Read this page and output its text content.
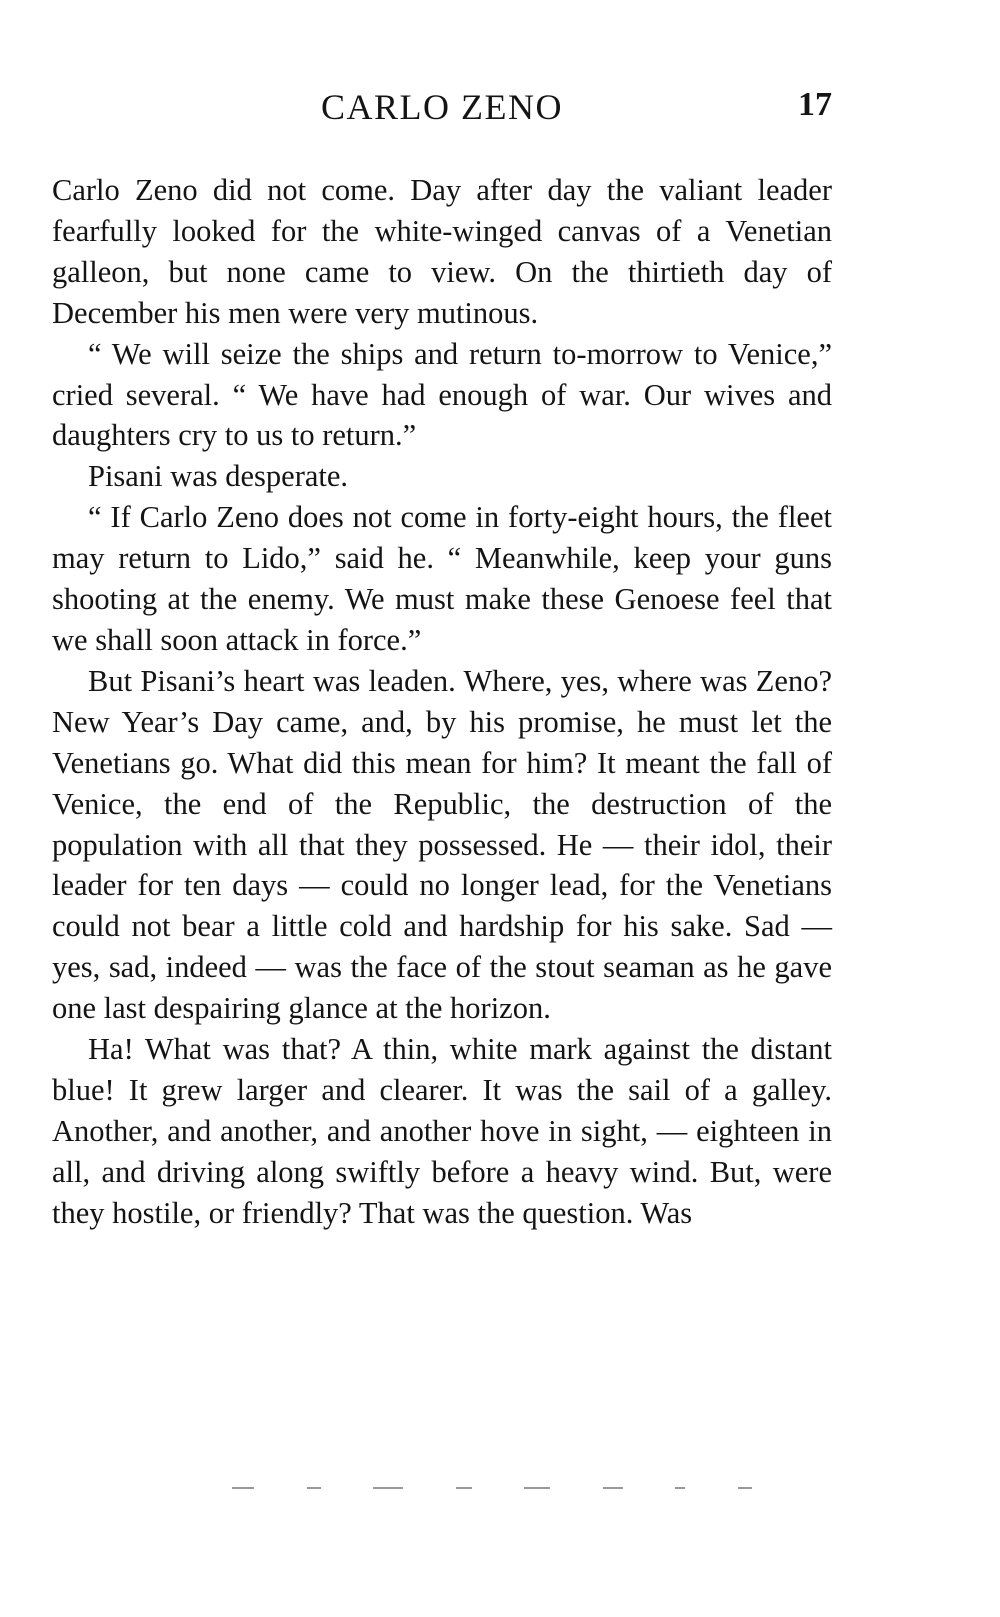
CARLO ZENO	17

Carlo Zeno did not come. Day after day the valiant leader fearfully looked for the white-winged canvas of a Venetian galleon, but none came to view. On the thirtieth day of December his men were very mutinous.

“ We will seize the ships and return to-morrow to Venice,” cried several. “ We have had enough of war. Our wives and daughters cry to us to return.”

Pisani was desperate.

“ If Carlo Zeno does not come in forty-eight hours, the fleet may return to Lido,” said he. “ Meanwhile, keep your guns shooting at the enemy. We must make these Genoese feel that we shall soon attack in force.”

But Pisani’s heart was leaden. Where, yes, where was Zeno? New Year’s Day came, and, by his promise, he must let the Venetians go. What did this mean for him? It meant the fall of Venice, the end of the Republic, the destruction of the population with all that they possessed. He — their idol, their leader for ten days — could no longer lead, for the Venetians could not bear a little cold and hardship for his sake. Sad — yes, sad, indeed — was the face of the stout seaman as he gave one last despairing glance at the horizon.

Ha! What was that? A thin, white mark against the distant blue! It grew larger and clearer. It was the sail of a galley. Another, and another, and another hove in sight, — eighteen in all, and driving along swiftly before a heavy wind. But, were they hostile, or friendly? That was the question. Was
